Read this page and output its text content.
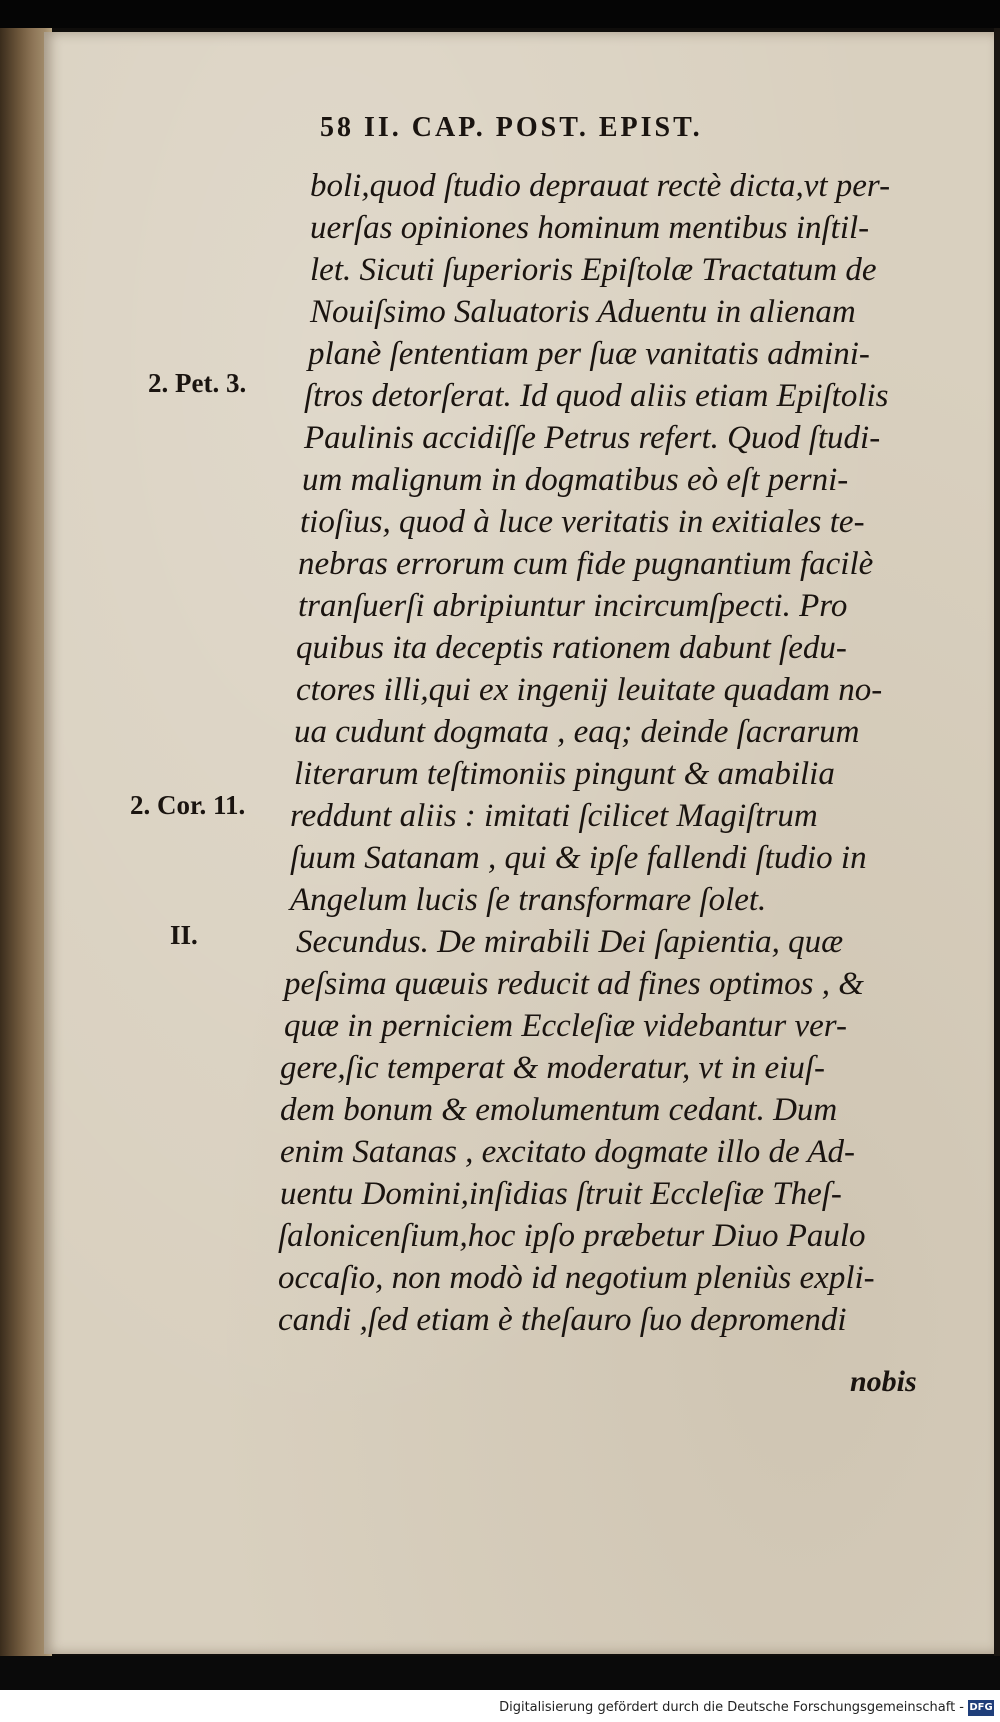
58 II. CAP. POST. EPIST.
2. Pet. 3.
2. Cor. 11.
II.
boli,quod ſtudio deprauat rectè dicta,vt per-
uerſas opiniones hominum mentibus inſtil-
let. Sicuti ſuperioris Epiſtolæ Tractatum de
Nouiſsimo Saluatoris Aduentu in alienam
planè ſententiam per ſuæ vanitatis admini-
ſtros detorſerat. Id quod aliis etiam Epiſtolis
Paulinis accidiſſe Petrus refert. Quod ſtudi-
um malignum in dogmatibus eò eſt perni-
tioſius, quod à luce veritatis in exitiales te-
nebras errorum cum fide pugnantium facilè
tranſuerſi abripiuntur incircumſpecti. Pro
quibus ita deceptis rationem dabunt ſedu-
ctores illi,qui ex ingenij leuitate quadam no-
ua cudunt dogmata , eaq; deinde ſacrarum
literarum teſtimoniis pingunt & amabilia
reddunt aliis : imitati ſcilicet Magiſtrum
ſuum Satanam , qui & ipſe fallendi ſtudio in
Angelum lucis ſe transformare ſolet.
Secundus. De mirabili Dei ſapientia, quæ
peſsima quæuis reducit ad fines optimos , &
quæ in perniciem Eccleſiæ videbantur ver-
gere,ſic temperat & moderatur, vt in eiuſ-
dem bonum & emolumentum cedant. Dum
enim Satanas , excitato dogmate illo de Ad-
uentu Domini,inſidias ſtruit Eccleſiæ Theſ-
ſalonicenſium,hoc ipſo præbetur Diuo Paulo
occaſio, non modò id negotium pleniùs expli-
candi ,ſed etiam è theſauro ſuo depromendi
nobis
Digitalisierung gefördert durch die Deutsche Forschungsgemeinschaft - DFG
